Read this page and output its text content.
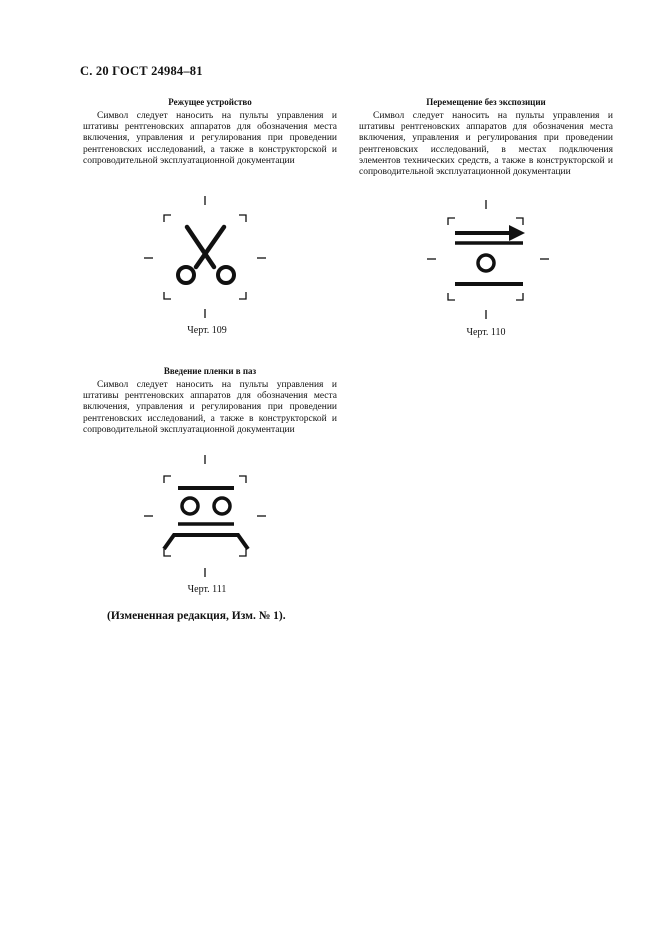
С. 20 ГОСТ 24984–81

Режущее устройство

Символ следует наносить на пульты управления и штативы рентгеновских аппаратов для обозначения места включения, управления и регулирования при проведении рентгеновских исследований, а также в конструкторской и сопроводительной эксплуатационной документации

Черт. 109

Перемещение без экспозиции

Символ следует наносить на пульты управления и штативы рентгеновских аппаратов для обозначения места включения, управления и регулирования при проведении рентгеновских исследований, в местах подключения элементов технических средств, а также в конструкторской и сопроводительной эксплуатационной документации

Черт. 110

Введение пленки в паз

Символ следует наносить на пульты управления и штативы рентгеновских аппаратов для обозначения места включения, управления и регулирования при проведении рентгеновских исследований, а также в конструкторской и сопроводительной эксплуатационной документации

Черт. 111
(Измененная редакция, Изм. № 1).
